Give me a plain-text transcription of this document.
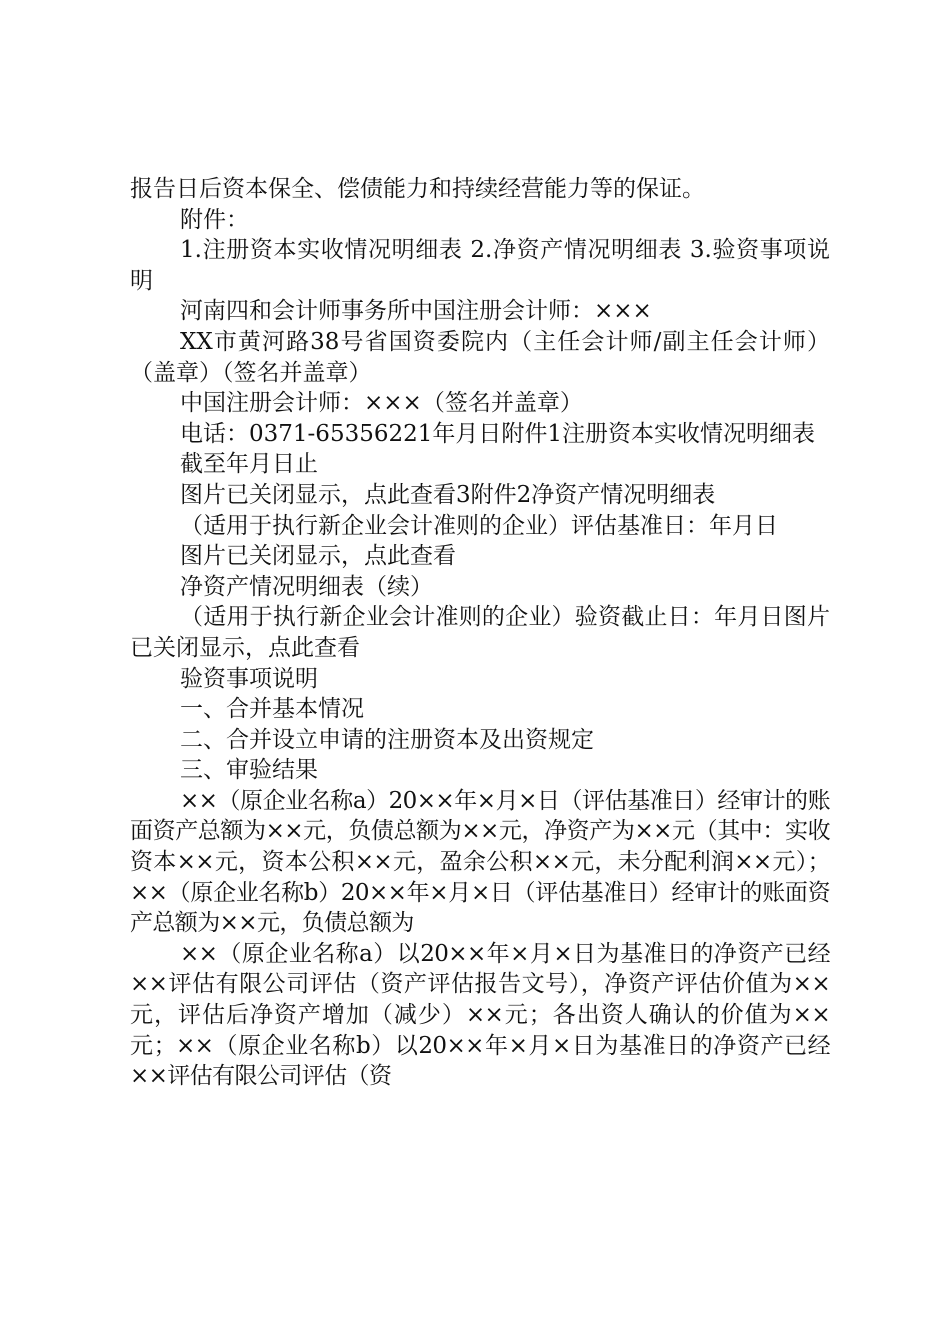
报告日后资本保全、偿债能力和持续经营能力等的保证。

附件：

1.注册资本实收情况明细表 2.净资产情况明细表 3.验资事项说明

河南四和会计师事务所中国注册会计师：×××

XX市黄河路38号省国资委院内（主任会计师/副主任会计师）（盖章）（签名并盖章）

中国注册会计师：×××（签名并盖章）

电话：0371-65356221年月日附件1注册资本实收情况明细表

截至年月日止

图片已关闭显示，点此查看3附件2净资产情况明细表

（适用于执行新企业会计准则的企业）评估基准日：年月日

图片已关闭显示，点此查看

净资产情况明细表（续）

（适用于执行新企业会计准则的企业）验资截止日：年月日图片已关闭显示，点此查看

验资事项说明

一、合并基本情况

二、合并设立申请的注册资本及出资规定

三、审验结果

××（原企业名称a）20××年×月×日（评估基准日）经审计的账面资产总额为××元，负债总额为××元，净资产为××元（其中：实收资本××元，资本公积××元，盈余公积××元，未分配利润××元）；××（原企业名称b）20××年×月×日（评估基准日）经审计的账面资产总额为××元，负债总额为

××（原企业名称a）以20××年×月×日为基准日的净资产已经××评估有限公司评估（资产评估报告文号），净资产评估价值为××元，评估后净资产增加（减少）××元；各出资人确认的价值为××元；××（原企业名称b）以20××年×月×日为基准日的净资产已经××评估有限公司评估（资
